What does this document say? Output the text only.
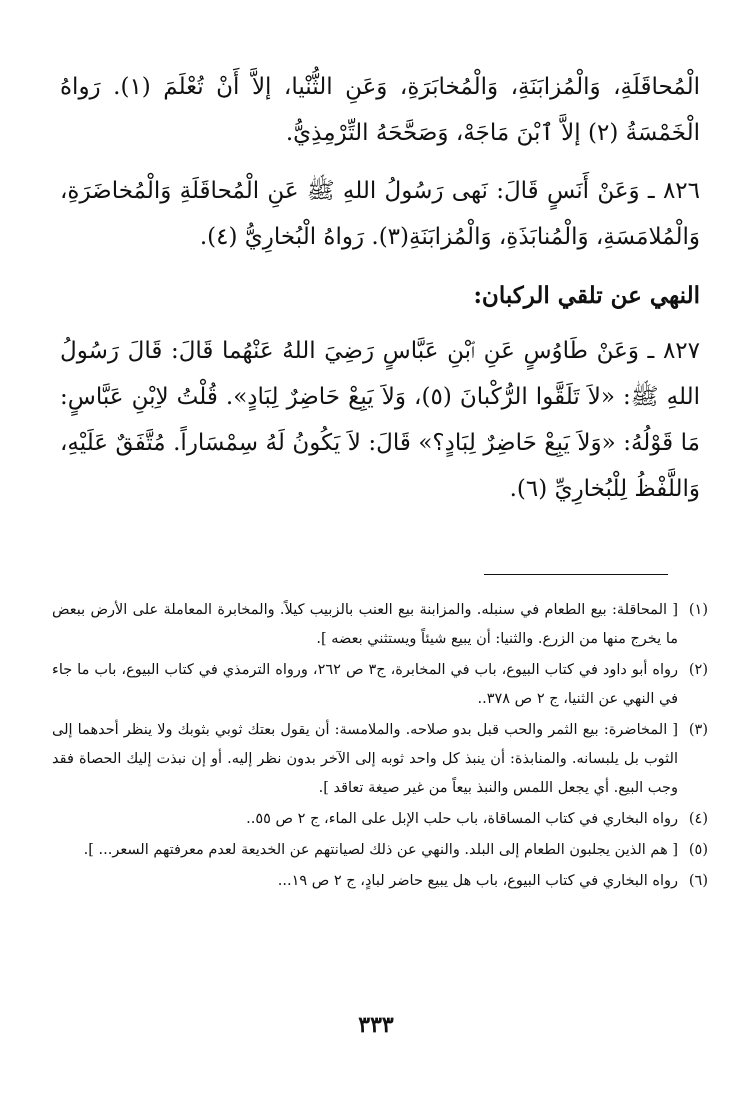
الْمُحاقَلَةِ، وَالْمُزابَنَةِ، وَالْمُخابَرَةِ، وَعَنِ الثُّنْيا، إلاَّ أَنْ تُعْلَمَ (١). رَواهُ الْخَمْسَةُ (٢) إلاَّ ٱبْنَ مَاجَهْ، وَصَحَّحَهُ التِّرْمِذِيُّ.

٨٢٦ ـ وَعَنْ أَنَسٍ قَالَ: نَهى رَسُولُ اللهِ ﷺ عَنِ الْمُحاقَلَةِ وَالْمُخاضَرَةِ، وَالْمُلامَسَةِ، وَالْمُنابَذَةِ، وَالْمُزابَنَةِ(٣). رَواهُ الْبُخارِيُّ (٤).

النهي عن تلقي الركبان:

٨٢٧ ـ وَعَنْ طَاوُسٍ عَنِ ٱبْنِ عَبَّاسٍ رَضِيَ اللهُ عَنْهُما قَالَ: قَالَ رَسُولُ اللهِ ﷺ: «لاَ تَلَقَّوا الرُّكْبانَ (٥)، وَلاَ يَبِعْ حَاضِرٌ لِبَادٍ». قُلْتُ لاِبْنِ عَبَّاسٍ: مَا قَوْلُهُ: «وَلاَ يَبِعْ حَاضِرٌ لِبَادٍ؟» قَالَ: لاَ يَكُونُ لَهُ سِمْسَاراً. مُتَّفَقٌ عَلَيْهِ، وَاللَّفْظُ لِلْبُخارِيِّ (٦).

(١)
[ المحاقلة: بيع الطعام في سنبله. والمزابنة بيع العنب بالزبيب كيلاً. والمخابرة المعاملة على الأرض ببعض ما يخرج منها من الزرع. والثنيا: أن يبيع شيئاً ويستثني بعضه ].
(٢)
رواه أبو داود في كتاب البيوع، باب في المخابرة، ج٣ ص ٢٦٢، ورواه الترمذي في كتاب البيوع، باب ما جاء في النهي عن الثنيا، ج ٢ ص ٣٧٨..
(٣)
[ المخاضرة: بيع الثمر والحب قبل بدو صلاحه. والملامسة: أن يقول بعتك ثوبي بثوبك ولا ينظر أحدهما إلى الثوب بل يلبسانه. والمنابذة: أن ينبذ كل واحد ثوبه إلى الآخر بدون نظر إليه. أو إن نبذت إليك الحصاة فقد وجب البيع. أي يجعل اللمس والنبذ بيعاً من غير صيغة تعاقد ].
(٤)
رواه البخاري في كتاب المساقاة، باب حلب الإبل على الماء، ج ٢ ص ٥٥..
(٥)
[ هم الذين يجلبون الطعام إلى البلد. والنهي عن ذلك لصيانتهم عن الخديعة لعدم معرفتهم السعر... ].
(٦)
رواه البخاري في كتاب البيوع، باب هل يبيع حاضر لبادٍ، ج ٢ ص ١٩...
٣٣٣
